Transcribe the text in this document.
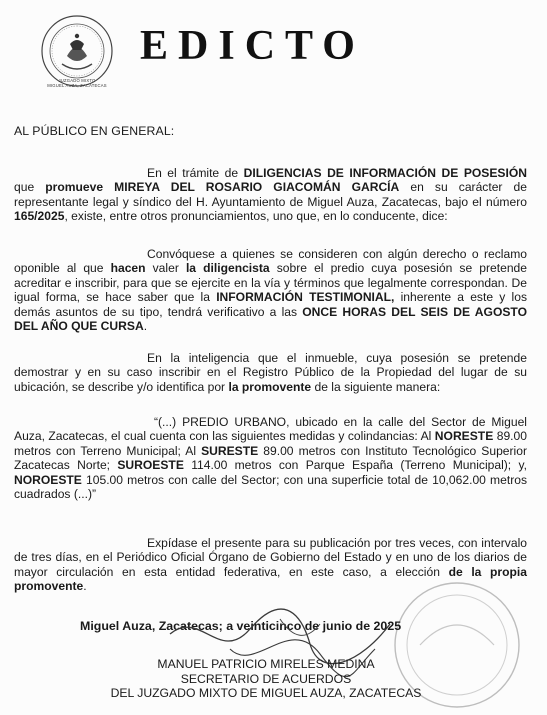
JUZGADO MIXTO
MIGUEL AUZA, ZACATECAS
EDICTO
AL PÚBLICO EN GENERAL:
En el trámite de DILIGENCIAS DE INFORMACIÓN DE POSESIÓN que promueve MIREYA DEL ROSARIO GIACOMÁN GARCÍA en su carácter de representante legal y síndico del H. Ayuntamiento de Miguel Auza, Zacatecas, bajo el número 165/2025, existe, entre otros pronunciamientos, uno que, en lo conducente, dice:
Convóquese a quienes se consideren con algún derecho o reclamo oponible al que hacen valer la diligencista sobre el predio cuya posesión se pretende acreditar e inscribir, para que se ejercite en la vía y términos que legalmente correspondan. De igual forma, se hace saber que la INFORMACIÓN TESTIMONIAL, inherente a este y los demás asuntos de su tipo, tendrá verificativo a las ONCE HORAS DEL SEIS DE AGOSTO DEL AÑO QUE CURSA.
En la inteligencia que el inmueble, cuya posesión se pretende demostrar y en su caso inscribir en el Registro Público de la Propiedad del lugar de su ubicación, se describe y/o identifica por la promovente de la siguiente manera:
“(...) PREDIO URBANO, ubicado en la calle del Sector de Miguel Auza, Zacatecas, el cual cuenta con las siguientes medidas y colindancias: Al NORESTE 89.00 metros con Terreno Municipal; Al SURESTE 89.00 metros con Instituto Tecnológico Superior Zacatecas Norte; SUROESTE 114.00 metros con Parque España (Terreno Municipal); y, NOROESTE 105.00 metros con calle del Sector; con una superficie total de 10,062.00 metros cuadrados (...)”
Expídase el presente para su publicación por tres veces, con intervalo de tres días, en el Periódico Oficial Órgano de Gobierno del Estado y en uno de los diarios de mayor circulación en esta entidad federativa, en este caso, a elección de la propia promovente.
Miguel Auza, Zacatecas; a veinticinco de junio de 2025
MANUEL PATRICIO MIRELES MEDINA
SECRETARIO DE ACUERDOS
DEL JUZGADO MIXTO DE MIGUEL AUZA, ZACATECAS
